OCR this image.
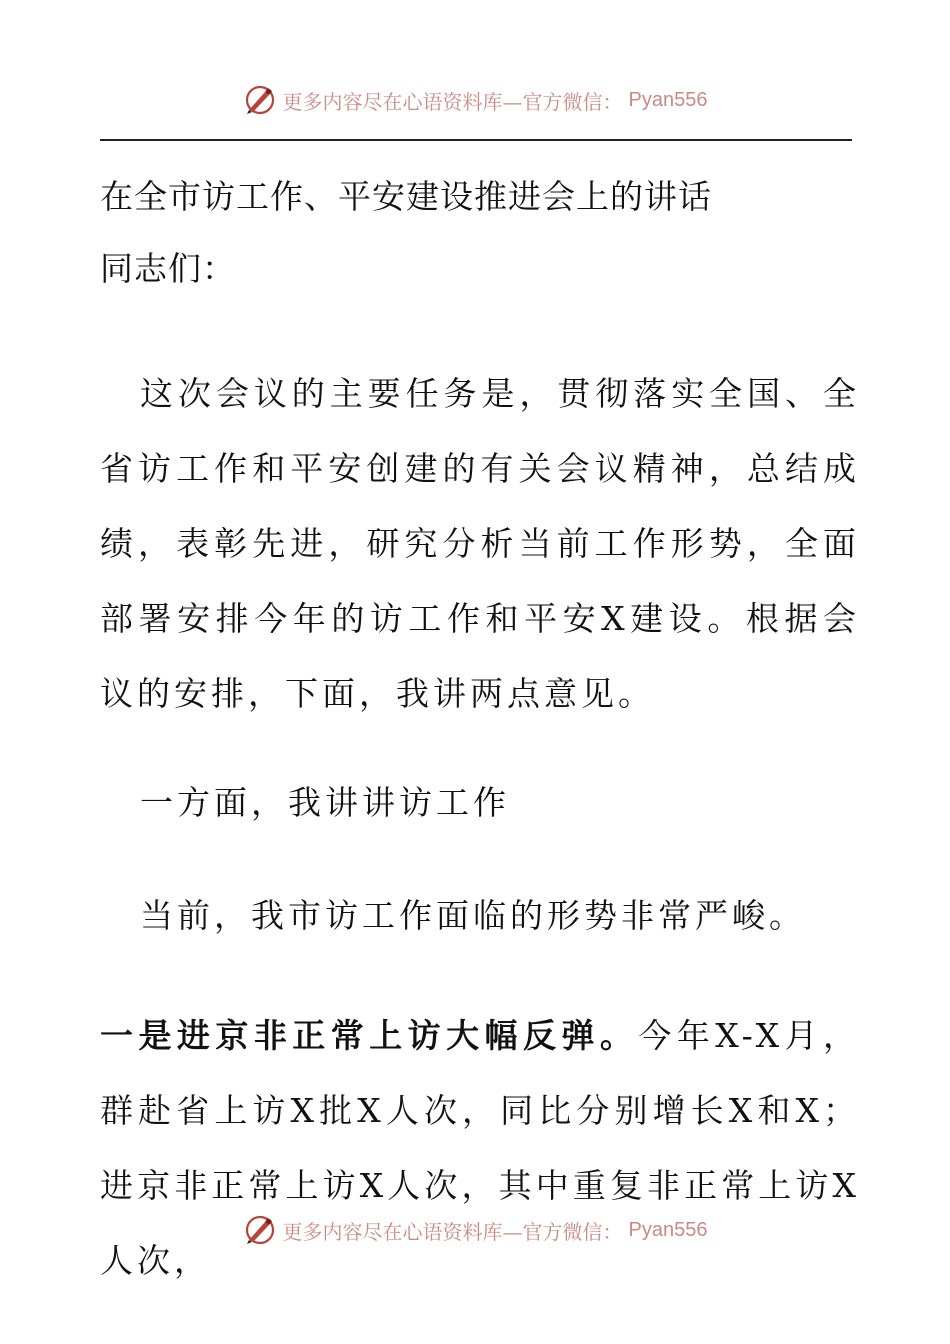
更多内容尽在心语资料库—官方微信： Pyan556
在全市访工作、平安建设推进会上的讲话
同志们：

这次会议的主要任务是，贯彻落实全国、全省访工作和平安创建的有关会议精神，总结成绩，表彰先进，研究分析当前工作形势，全面部署安排今年的访工作和平安X建设。根据会议的安排，下面，我讲两点意见。

一方面，我讲讲访工作

当前，我市访工作面临的形势非常严峻。

一是进京非正常上访大幅反弹。今年X-X月，群赴省上访X批X人次，同比分别增长X和X；进京非正常上访X人次，其中重复非正常上访X人次，

更多内容尽在心语资料库—官方微信： Pyan556
